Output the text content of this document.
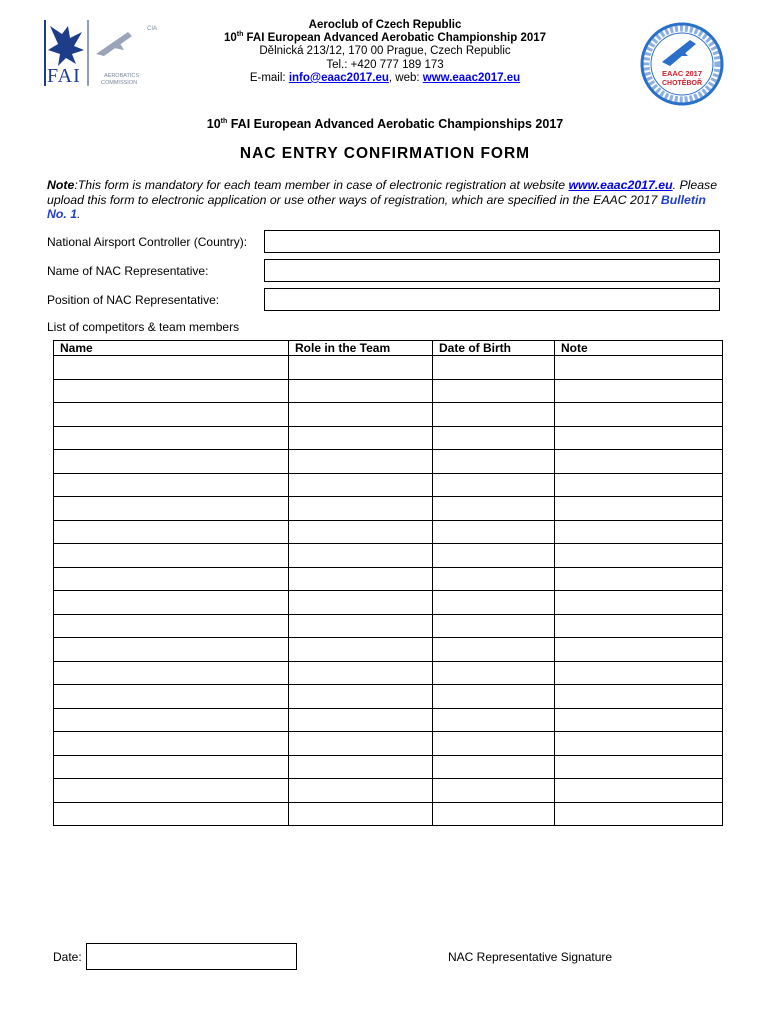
CIA
FAI	AEROBATICS
COMMISSION
Aeroclub of Czech Republic
10th FAI European Advanced Aerobatic Championship 2017
Dělnická 213/12, 170 00 Prague, Czech Republic
Tel.: +420 777 189 173
E-mail: info@eaac2017.eu, web: www.eaac2017.eu	EAAC 2017
CHOTĚBOŘ
10th FAI European Advanced Aerobatic Championships 2017
NAC ENTRY CONFIRMATION FORM
Note:This form is mandatory for each team member in case of electronic registration at website www.eaac2017.eu. Please upload this form to electronic application or use other ways of registration, which are specified in the EAAC 2017 Bulletin No. 1.
National Airsport Controller (Country):
Name of NAC Representative:
Position of NAC Representative:
List of competitors & team members
Name	Role in the Team	Date of Birth	Note

Date:	NAC Representative Signature
